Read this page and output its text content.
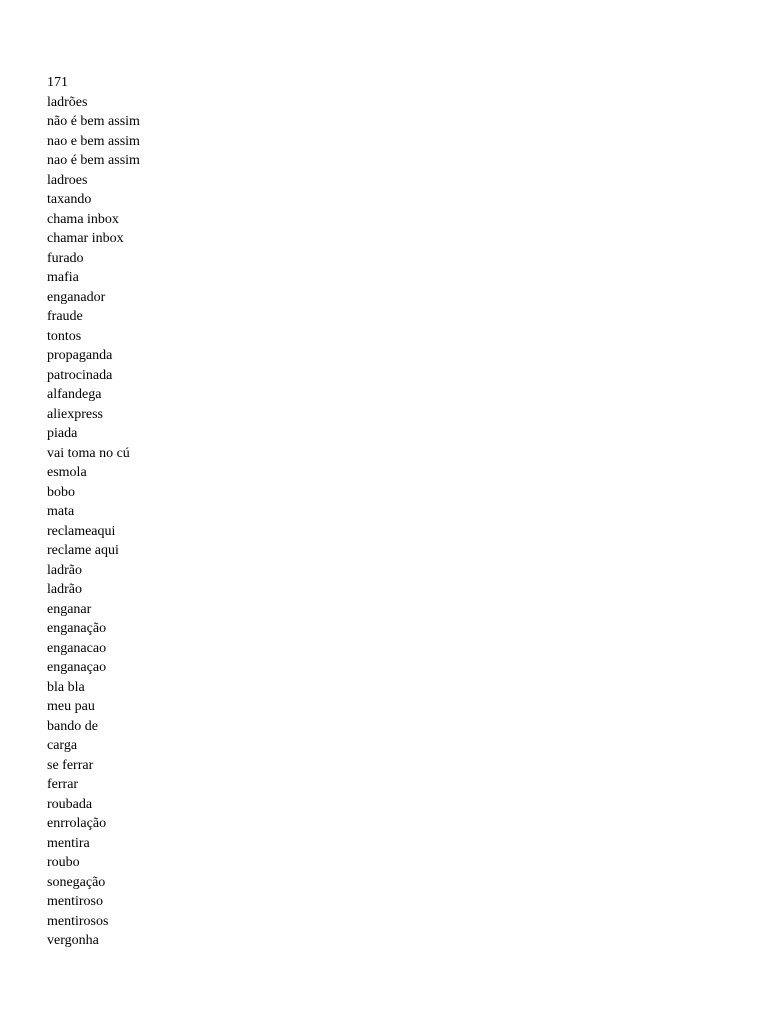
171
ladrões
não é bem assim
nao e bem assim
nao é bem assim
ladroes
taxando
chama inbox
chamar inbox
furado
mafia
enganador
fraude
tontos
propaganda
patrocinada
alfandega
aliexpress
piada
vai toma no cú
esmola
bobo
mata
reclameaqui
reclame aqui
ladrão
ladrão
enganar
enganação
enganacao
enganaçao
bla bla
meu pau
bando de
carga
se ferrar
ferrar
roubada
enrrolação
mentira
roubo
sonegação
mentiroso
mentirosos
vergonha
